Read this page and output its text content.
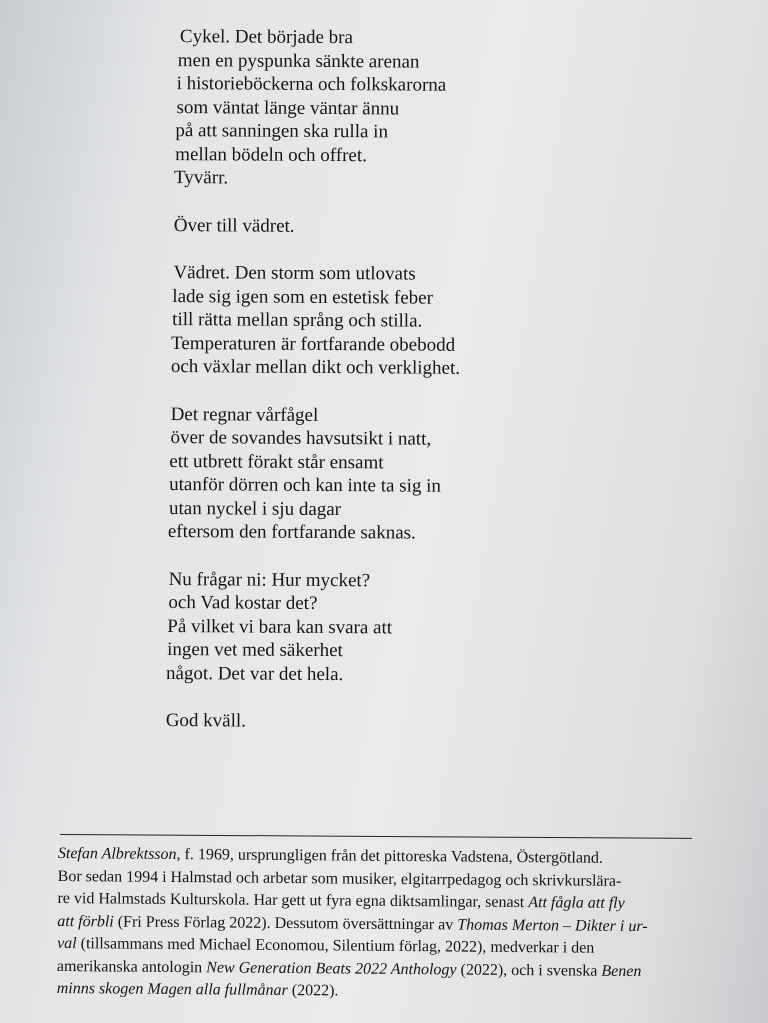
Cykel. Det började bra
men en pyspunka sänkte arenan
i historieböckerna och folkskarorna
som väntat länge väntar ännu
på att sanningen ska rulla in
mellan bödeln och offret.
Tyvärr.
Över till vädret.
Vädret. Den storm som utlovats
lade sig igen som en estetisk feber
till rätta mellan språng och stilla.
Temperaturen är fortfarande obebodd
och växlar mellan dikt och verklighet.
Det regnar vårfågel
över de sovandes havsutsikt i natt,
ett utbrett förakt står ensamt
utanför dörren och kan inte ta sig in
utan nyckel i sju dagar
eftersom den fortfarande saknas.
Nu frågar ni: Hur mycket?
och Vad kostar det?
På vilket vi bara kan svara att
ingen vet med säkerhet
något. Det var det hela.
God kväll.
Stefan Albrektsson, f. 1969, ursprungligen från det pittoreska Vadstena, Östergötland.
Bor sedan 1994 i Halmstad och arbetar som musiker, elgitarrpedagog och skrivkurslära-
re vid Halmstads Kulturskola. Har gett ut fyra egna diktsamlingar, senast Att fågla att fly
att förbli (Fri Press Förlag 2022). Dessutom översättningar av Thomas Merton – Dikter i ur-
val (tillsammans med Michael Economou, Silentium förlag, 2022), medverkar i den
amerikanska antologin New Generation Beats 2022 Anthology (2022), och i svenska Benen
minns skogen Magen alla fullmånar (2022).
